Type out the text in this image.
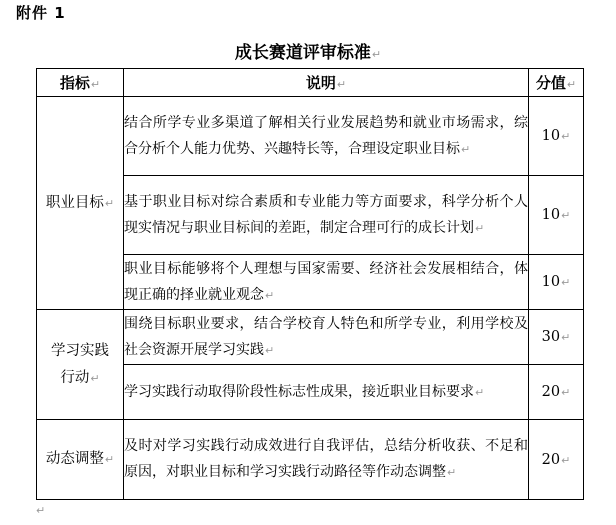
附件 1
成长赛道评审标准↵
指标↵	说明↵	分值↵
职业目标↵	结合所学专业多渠道了解相关行业发展趋势和就业市场需求，综合分析个人能力优势、兴趣特长等，合理设定职业目标↵	10↵
	基于职业目标对综合素质和专业能力等方面要求，科学分析个人现实情况与职业目标间的差距，制定合理可行的成长计划↵	10↵
	职业目标能够将个人理想与国家需要、经济社会发展相结合，体现正确的择业就业观念↵	10↵
学习实践
行动↵	围绕目标职业要求，结合学校育人特色和所学专业，利用学校及社会资源开展学习实践↵	30↵
	学习实践行动取得阶段性标志性成果，接近职业目标要求↵	20↵
动态调整↵	及时对学习实践行动成效进行自我评估，总结分析收获、不足和原因，对职业目标和学习实践行动路径等作动态调整↵	20↵
↵
